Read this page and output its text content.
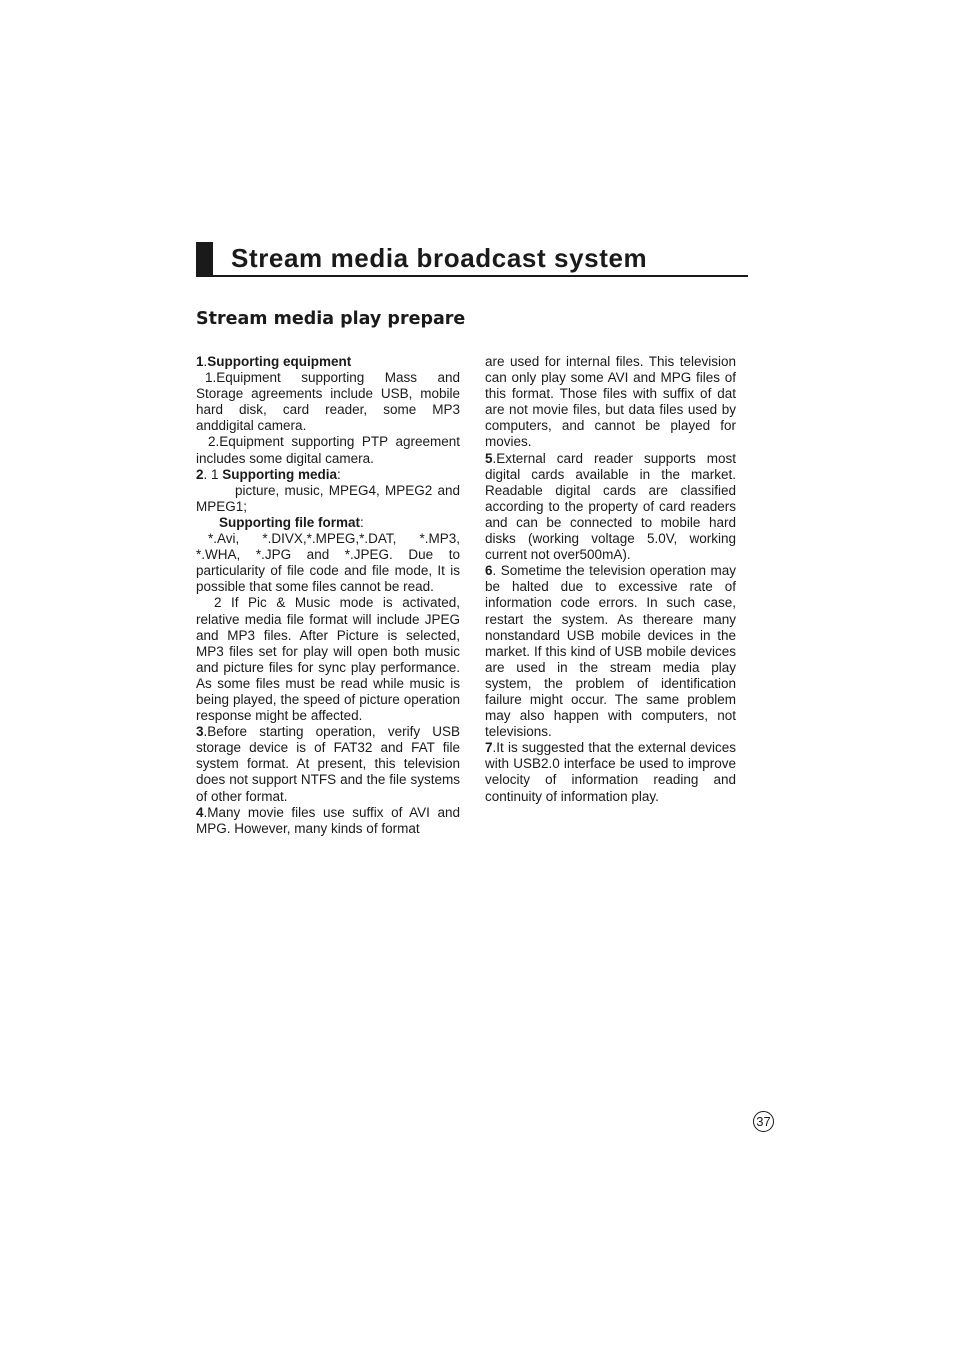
Stream media broadcast system
Stream media play prepare

1.Supporting equipment

1.Equipment supporting Mass and Storage agreements include USB, mobile hard disk, card reader, some MP3 anddigital camera.

2.Equipment supporting PTP agreement includes some digital camera.

2. 1 Supporting media:

picture, music, MPEG4, MPEG2 and MPEG1;

Supporting file format:

*.Avi, *.DIVX,*.MPEG,*.DAT, *.MP3, *.WHA, *.JPG and *.JPEG. Due to particularity of file code and file mode, It is possible that some files cannot be read.

2 If Pic & Music mode is activated, relative media file format will include JPEG and MP3 files. After Picture is selected, MP3 files set for play will open both music and picture files for sync play performance. As some files must be read while music is being played, the speed of picture operation response might be affected.

3.Before starting operation, verify USB storage device is of FAT32 and FAT file system format. At present, this television does not support NTFS and the file systems of other format.

4.Many movie files use suffix of AVI and MPG. However, many kinds of format

are used for internal files. This television can only play some AVI and MPG files of this format. Those files with suffix of dat are not movie files, but data files used by computers, and cannot be played for movies.

5.External card reader supports most digital cards available in the market. Readable digital cards are classified according to the property of card readers and can be connected to mobile hard disks (working voltage 5.0V, working current not over500mA).

6. Sometime the television operation may be halted due to excessive rate of information code errors. In such case, restart the system. As thereare many nonstandard USB mobile devices in the market. If this kind of USB mobile devices are used in the stream media play system, the problem of identification failure might occur. The same problem may also happen with computers, not televisions.

7.It is suggested that the external devices with USB2.0 interface be used to improve velocity of information reading and continuity of information play.

37
